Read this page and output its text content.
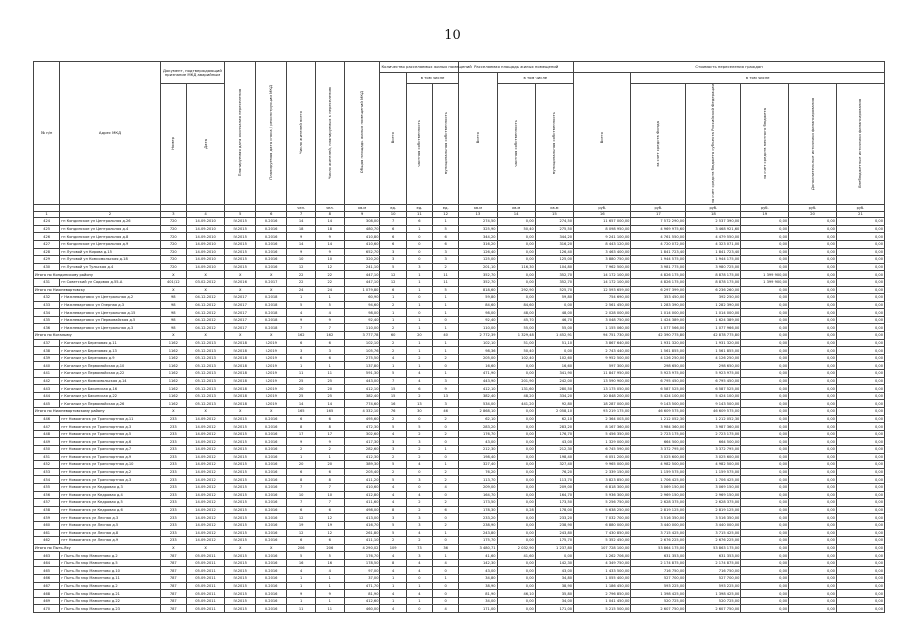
10
№ п/п	Адрес МКД	Документ, подтверждающий признание МКД аварийным		Планируемая дата окончания переселения	Планируемая дата сноса / реконструкции МКД	Число жителей всего	Число жителей, планируемых к переселению	Общая площадь жилых помещений МКД	Количество расселяемых жилых помещений			Расселяемая площадь жилых помещений			Стоимость переселения граждан					
									Всего	в том числе		Всего	в том числе		Всего	в том числе				
		Номер	Дата							частная собственность	муниципальная собственность		частная собственность	муниципальная собственность		за счет средств Фонда	за счет средств бюджета субъекта Российской Федерации	за счет средств местного бюджета	Дополнительные источники финансирования	Внебюджетные источники финансирования
						чел.	чел.	кв.м	ед.	ед.	ед.	кв.м	кв.м	кв.м	руб.	руб.	руб.	руб.	руб.	руб.
1	2	3	4	5	6	7	8	9	10	11	12	13	14	15	16	17	18	19	20	21
424	гп Кондинское ул Центральная д.26	720	14.09.2010	IV.2015	II.2016	14	14	308,00	7	6	1	274,50	0,00	274,50	11 657 000,00	7 572 290,00	2 537 390,00	0,00	0,00	0,00
425	гп Кондинское ул Центральная д.4	720	14.09.2010	IV.2015	II.2016	18	18	480,70	6	1	5	325,90	50,40	275,50	8 098 950,00	4 969 975,60	3 468 921,60	0,00	0,00	0,00
426	гп Кондинское ул Центральная д.8	720	14.09.2010	IV.2015	II.2016	9	9	410,80	6	0	6	344,20	0,00	344,20	9 241 100,00	4 761 550,00	4 479 550,00	0,00	0,00	0,00
427	гп Кондинское ул Центральная д.9	720	14.09.2010	IV.2015	II.2016	14	14	410,60	6	0	6	316,20	0,00	316,20	8 443 120,00	4 720 072,00	4 323 071,00	0,00	0,00	0,00
428	гп Луговой ул Кирова д.15	720	14.09.2010	IV.2015	II.2016	9	9	652,70	3	0	3	126,40	0,00	126,40	3 463 400,00	1 841 723,40	1 841 723,40	0,00	0,00	0,00
429	гп Луговой ул Комсомольская д.18	720	14.09.2010	IV.2015	II.2016	10	10	320,20	3	0	3	125,00	0,00	125,00	3 880 750,00	1 944 575,00	1 944 175,00	0,00	0,00	0,00
430	гп Луговой ул Тульская д.4	720	14.09.2010	IV.2015	II.2016	12	12	241,10	5	3	2	201,10	116,30	104,80	7 962 500,00	3 981 775,00	3 980 725,00	0,00	0,00	0,00
Итого по Кондинскому району		X	X	X	X	22	22	447,10	12	1	11	352,70	0,00	352,70	14 172 100,00	4 826 175,00	8 878 175,00	1 399 900,00	0,00	0,00
431	гп Советский ул Садовая д.55-А	401/12	03.02.2012	IV.2016	II.2017	22	22	447,10	12	1	11	352,70	0,00	352,70	14 172 100,00	4 826 175,00	8 878 175,00	1 399 900,00	0,00	0,00
Итого по Нижневартовску		X	X	X	X	24	24	1 079,80	6	1	5	818,60	292,90	525,70	12 593 659,00	6 297 399,00	6 236 260,00	0,00	0,00	0,00
432	г Нижневартовск ул Центральная д.2	98	04.12.2012	IV.2017	II.2018	1	1	60,90	1	0	1	59,80	0,00	59,80	754 690,00	353 450,00	392 250,00	0,00	0,00	0,00
433	г Нижневартовск ул Озерная д.3	98	04.12.2012	IV.2017	II.2018	5	5	94,60	2	1	1	84,60	84,60	0,00	2 561 450,00	1 283 390,00	1 282 390,00	0,00	0,00	0,00
434	г Нижневартовск ул Центральная д.15	98	04.12.2012	IV.2017	II.2018	4	4	98,00	1	0	1	98,00	48,00	48,00	2 028 000,00	1 014 000,00	1 014 000,00	0,00	0,00	0,00
435	г Нижневартовск ул Первомайская д.5	98	04.12.2012	IV.2017	II.2018	9	9	92,40	1	1	0	92,40	45,70	46,70	3 048 750,00	1 424 389,00	1 624 389,00	0,00	0,00	0,00
436	г Нижневартовск ул Центральная д.3	98	04.12.2012	IV.2017	II.2018	7	7	110,00	2	1	1	110,00	55,00	55,00	1 155 060,00	1 077 566,00	1 077 966,00	0,00	0,00	0,00
Итого по Когалыму		X	X	X	X	162	162	3 777,78	60	20	40	2 772,39	1 329,48	1 452,91	94 751 730,00	42 390 775,80	42 878 775,80	0,00	0,00	0,00
437	г Когалым ул Березовая д.11	1162	05.12.2013	IV.2018	I.2019	6	6	102,10	2	1	1	102,10	51,00	51,10	3 867 640,00	1 931 320,00	1 931 320,00	0,00	0,00	0,00
438	г Когалым ул Березовая д.13	1162	05.12.2013	IV.2018	I.2019	3	3	105,76	2	1	1	98,36	50,40	0,00	2 743 440,00	1 561 855,00	1 561 855,00	0,00	0,00	0,00
439	г Когалым ул Березовая д.9	1162	05.12.2013	IV.2018	I.2019	6	6	275,50	4	2	2	205,00	102,40	102,60	9 952 500,00	4 126 250,00	4 126 250,00	0,00	0,00	0,00
440	г Когалым ул Первомайская д.10	1162	05.12.2013	IV.2018	I.2019	1	1	137,80	1	1	0	16,60	0,00	16,60	597 300,00	298 650,00	298 650,00	0,00	0,00	0,00
441	г Когалым ул Первомайская д.22	1162	05.12.2013	IV.2018	I.2019	11	11	591,30	5	4	1	471,90	0,00	341,90	11 847 950,00	5 923 975,00	5 923 975,00	0,00	0,00	0,00
442	г Когалым ул Комсомольская д.14	1162	05.12.2013	IV.2018	I.2019	25	25	443,00	7	4	3	443,90	201,90	242,00	13 590 900,00	6 795 450,00	6 795 450,00	0,00	0,00	0,00
443	г Когалым ул Бакинская д.16	1162	05.12.2013	IV.2018	I.2019	20	20	412,10	15	6	9	412,10	131,60	280,50	13 175 050,00	6 587 525,00	6 587 525,00	0,00	0,00	0,00
444	г Когалым ул Бакинская д.22	1162	05.12.2013	IV.2018	I.2019	25	25	382,40	15	2	13	382,40	48,20	334,20	10 848 200,00	5 424 100,00	5 424 100,00	0,00	0,00	0,00
445	г Когалым ул Первомайская д.26	1162	05.12.2013	IV.2018	I.2019	14	14	774,60	16	13	3	534,00	441,20	92,80	18 287 000,00	9 143 500,00	9 143 500,00	0,00	0,00	0,00
Итого по Нижневартовскому району		X	X	X	X	165	165	4 332,10	76	30	46	2 868,10	0,00	2 058,10	93 219 175,00	46 609 575,00	46 609 575,00	0,00	0,00	0,00
446	пгт Новоаганск ул Транспортная д.11	233	14.09.2012	IV.2015	II.2016	6	6	495,60	2	0	2	62,10	0,00	62,10	2 364 003,00	1 212 052,30	1 212 052,30	0,00	0,00	0,00
447	пгт Новоаганск ул Транспортная д.3	233	14.09.2012	IV.2015	II.2016	8	8	472,30	5	5	0	283,20	0,00	283,20	8 167 360,00	3 984 360,00	3 987 360,00	0,00	0,00	0,00
448	пгт Новоаганск ул Транспортная д.5	233	14.09.2012	IV.2015	II.2016	17	17	302,60	4	2	2	176,70	0,00	176,70	5 456 350,00	2 723 175,00	2 723 175,00	0,00	0,00	0,00
449	пгт Новоаганск ул Транспортная д.6	233	14.09.2012	IV.2015	II.2016	9	9	417,30	3	3	0	43,00	0,00	43,00	1 329 000,00	664 500,00	664 500,00	0,00	0,00	0,00
450	пгт Новоаганск ул Транспортная д.7	233	14.09.2012	IV.2015	II.2016	2	2	282,60	3	2	1	212,30	0,00	212,30	6 745 590,00	3 372 795,00	3 372 795,00	0,00	0,00	0,00
451	пгт Новоаганск ул Транспортная д.9	233	14.09.2012	IV.2015	II.2016	1	1	412,30	2	2	0	198,40	0,00	198,40	6 051 200,00	3 025 600,00	3 025 600,00	0,00	0,00	0,00
452	пгт Новоаганск ул Транспортная д.10	233	14.09.2012	IV.2015	II.2016	20	20	389,30	5	4	1	327,40	0,00	327,40	9 965 000,00	4 982 500,00	4 982 500,00	0,00	0,00	0,00
453	пгт Новоаганск ул Транспортная д.2	233	14.09.2012	IV.2015	II.2016	6	6	205,40	2	0	2	76,20	0,00	76,20	2 339 150,00	1 159 575,00	1 159 575,00	0,00	0,00	0,00
454	пгт Новоаганск ул Транспортная д.3	233	14.09.2012	IV.2015	II.2016	8	8	411,20	5	3	2	113,70	0,00	113,70	3 823 850,00	1 706 425,00	1 706 425,00	0,00	0,00	0,00
455	пгт Новоаганск ул Кедровая д.3	233	14.09.2012	IV.2015	II.2016	7	7	410,60	4	0	4	209,00	0,00	209,00	6 818 300,00	3 069 150,00	3 069 150,00	0,00	0,00	0,00
456	пгт Новоаганск ул Кедровая д.4	233	14.09.2012	IV.2015	II.2016	10	10	412,80	4	4	0	164,70	0,00	164,70	5 936 300,00	2 969 150,00	2 969 150,00	0,00	0,00	0,00
457	пгт Новоаганск ул Кедровая д.5	233	14.09.2012	IV.2015	II.2016	7	7	411,60	4	2	2	173,50	0,00	173,50	5 256 750,00	2 628 375,00	2 628 375,00	0,00	0,00	0,00
458	пгт Новоаганск ул Кедровая д.6	233	14.09.2012	IV.2015	II.2016	6	6	498,00	8	2	6	178,30	0,28	178,00	5 638 250,00	2 819 125,00	2 819 125,00	0,00	0,00	0,00
459	пгт Новоаганск ул Лесная д.3	233	14.09.2012	IV.2015	II.2016	12	12	413,00	3	3	0	233,20	0,00	233,20	7 032 700,00	3 516 350,00	3 516 350,00	0,00	0,00	0,00
460	пгт Новоаганск ул Лесная д.5	233	14.09.2012	IV.2015	II.2016	19	19	416,70	5	3	2	238,90	0,00	238,90	6 880 000,00	3 440 000,00	3 440 000,00	0,00	0,00	0,00
461	пгт Новоаганск ул Лесная д.8	233	14.09.2012	IV.2015	II.2016	12	12	261,80	5	4	1	243,80	0,00	243,80	7 430 850,00	3 715 425,00	3 715 425,00	0,00	0,00	0,00
462	пгт Новоаганск ул Лесная д.9	233	14.09.2012	IV.2015	II.2016	6	6	411,10	2	2	0	175,70	0,00	175,70	5 352 450,00	2 676 225,00	2 676 225,00	0,00	0,00	0,00
Итого по Пыть-Яху		X	X	X	X	206	206	4 290,02	109	73	36	3 480,71	2 032,90	1 237,80	107 728 100,00	53 864 175,00	53 863 175,00	0,00	0,00	0,00
463	г Пыть-Ях мкр Мамонтово д.2	787	05.09.2011	IV.2015	II.2016	5	5	176,70	4	3	1	41,60	41,60	0,00	1 262 706,00	631 353,00	631 353,00	0,00	0,00	0,00
464	г Пыть-Ях мкр Мамонтово д.5	787	05.09.2011	IV.2015	II.2016	16	16	178,50	8	4	4	142,30	0,00	142,30	4 349 750,00	2 174 875,00	2 174 875,00	0,00	0,00	0,00
465	г Пыть-Ях мкр Мамонтово д.10	787	05.09.2011	IV.2015	II.2016	4	4	97,00	4	4	0	43,00	0,00	43,00	1 433 500,00	716 750,00	716 750,00	0,00	0,00	0,00
466	г Пыть-Ях мкр Мамонтово д.11	787	05.09.2011	IV.2015	II.2016	1	1	37,00	1	0	1	34,80	0,00	34,80	1 055 400,00	527 700,00	527 700,00	0,00	0,00	0,00
467	г Пыть-Ях мкр Мамонтово д.2	787	05.09.2011	IV.2015	II.2016	1	1	471,70	1	1	0	38,90	0,00	38,90	1 186 450,00	593 225,00	593 225,00	0,00	0,00	0,00
468	г Пыть-Ях мкр Мамонтово д.21	787	05.09.2011	IV.2015	II.2016	9	9	81,90	4	4	0	81,90	46,10	35,80	2 796 850,00	1 398 425,00	1 398 425,00	0,00	0,00	0,00
469	г Пыть-Ях мкр Мамонтово д.22	787	05.09.2011	IV.2015	II.2016	1	1	412,60	1	1	0	34,00	0,00	34,00	1 041 450,00	520 725,00	520 725,00	0,00	0,00	0,00
470	г Пыть-Ях мкр Мамонтово д.23	787	05.09.2011	IV.2015	II.2016	11	11	460,00	4	0	4	171,00	0,00	171,00	5 215 500,00	2 607 750,00	2 607 750,00	0,00	0,00	0,00
